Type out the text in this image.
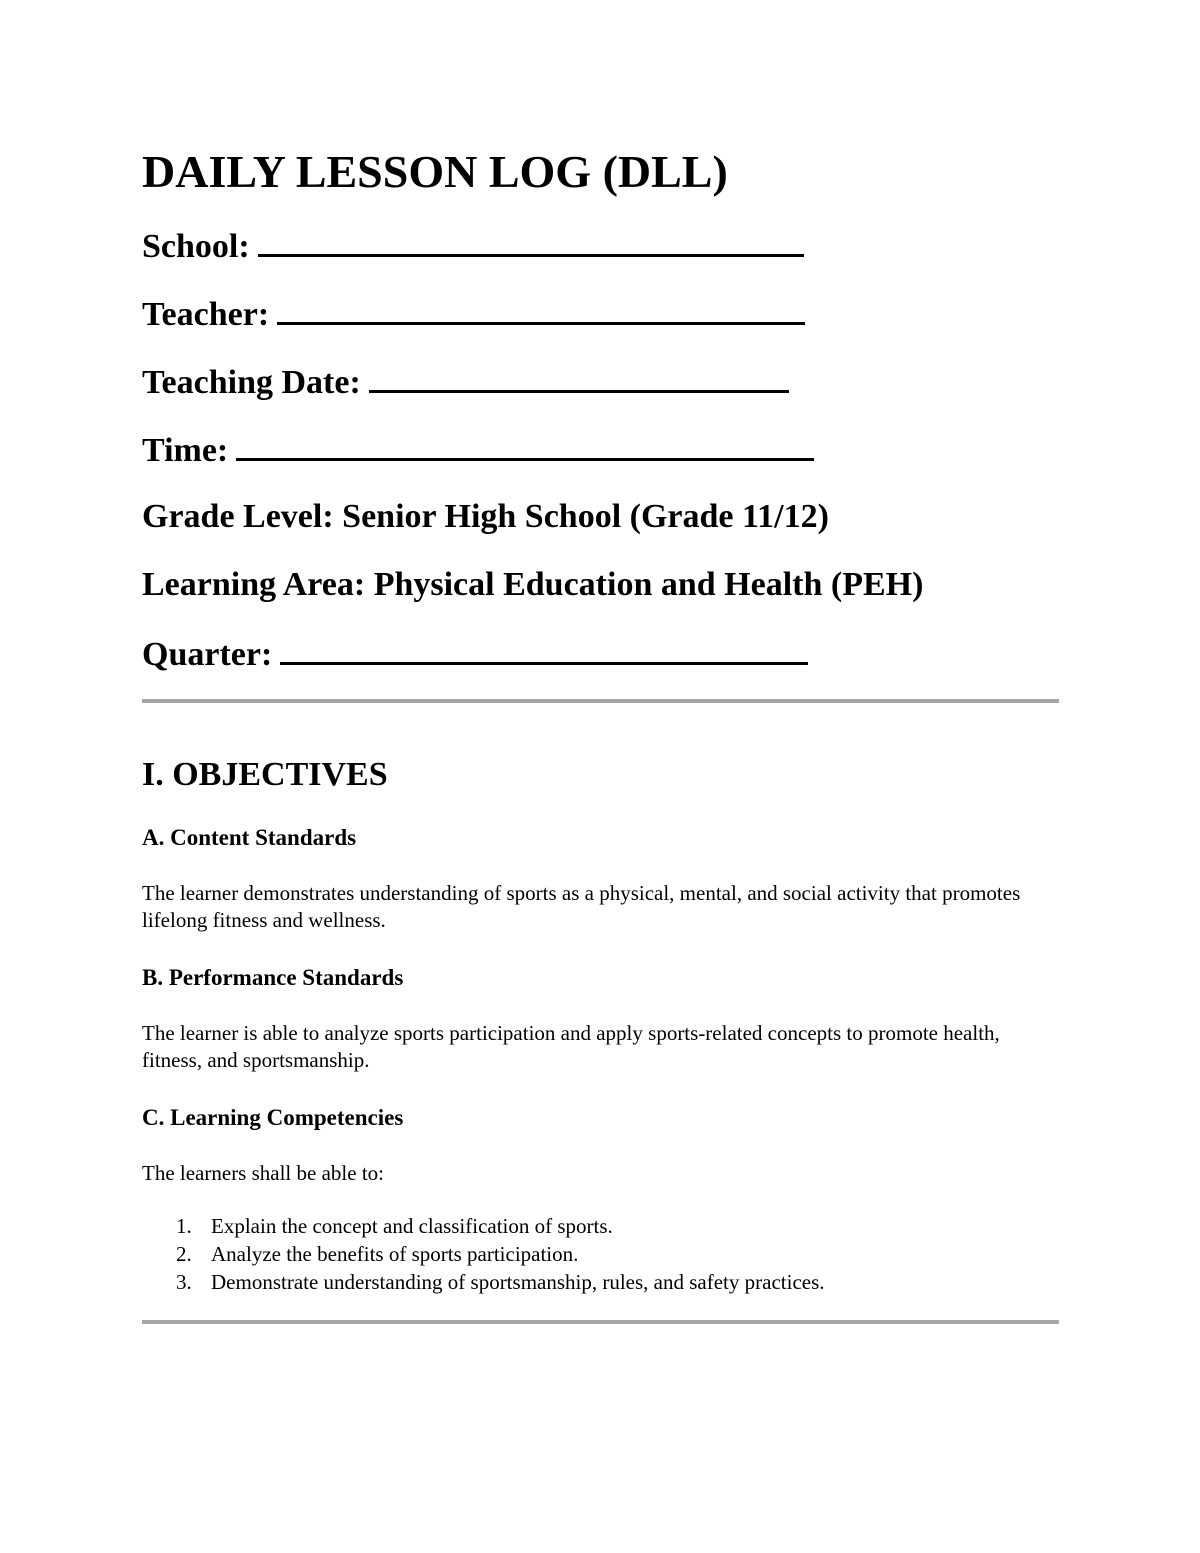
DAILY LESSON LOG (DLL)
School:
Teacher:
Teaching Date:
Time:
Grade Level: Senior High School (Grade 11/12)
Learning Area: Physical Education and Health (PEH)
Quarter:
I. OBJECTIVES
A. Content Standards
The learner demonstrates understanding of sports as a physical, mental, and social activity that promotes lifelong fitness and wellness.
B. Performance Standards
The learner is able to analyze sports participation and apply sports-related concepts to promote health, fitness, and sportsmanship.
C. Learning Competencies
The learners shall be able to:
1. Explain the concept and classification of sports.
2. Analyze the benefits of sports participation.
3. Demonstrate understanding of sportsmanship, rules, and safety practices.
